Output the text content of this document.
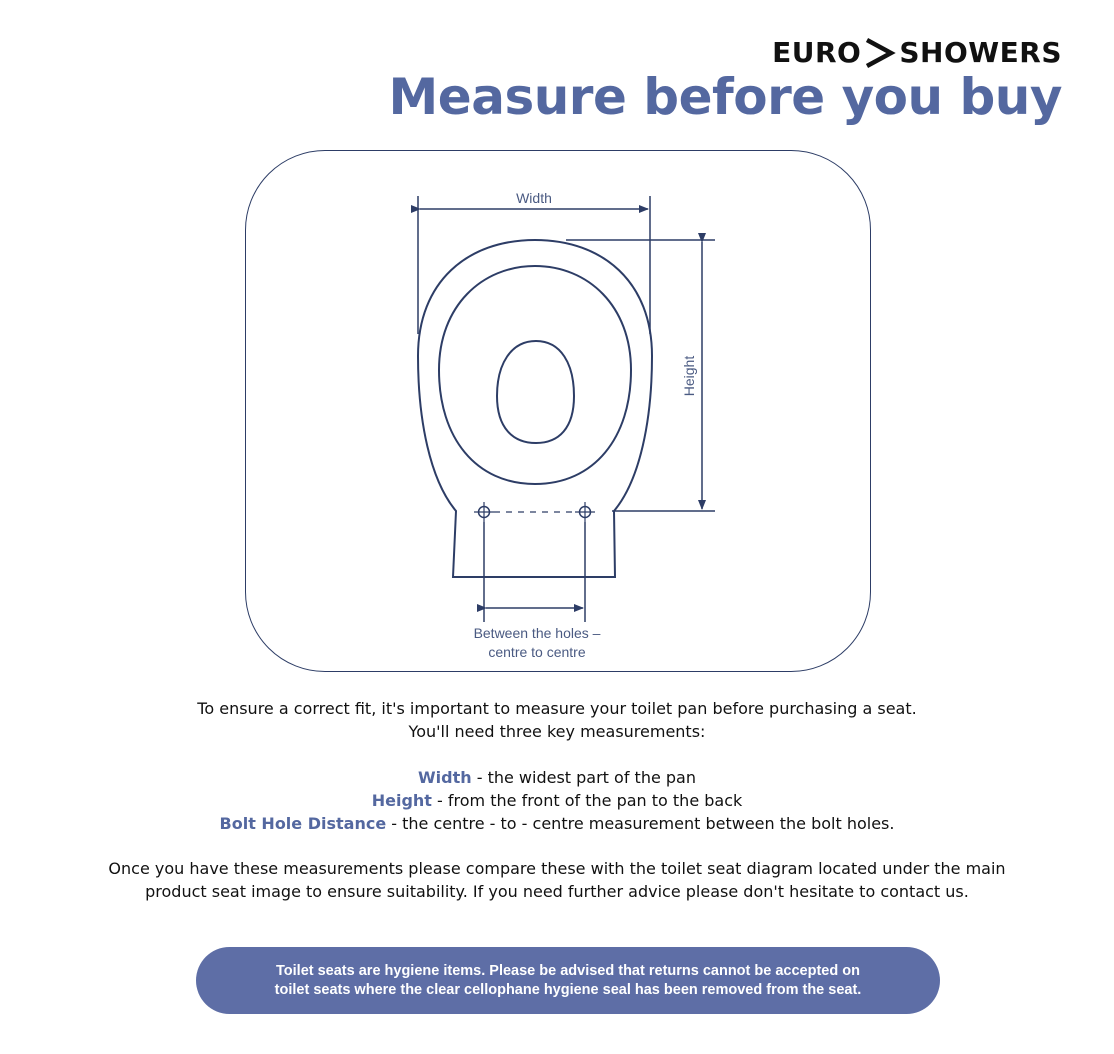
EURO SHOWERS
Measure before you buy
Width
Height
Between the holes –
centre to centre
To ensure a correct fit, it's important to measure your toilet pan before purchasing a seat.
You'll need three key measurements:
Width - the widest part of the pan
Height - from the front of the pan to the back
Bolt Hole Distance - the centre - to - centre measurement between the bolt holes.
Once you have these measurements please compare these with the toilet seat diagram located under the main
product seat image to ensure suitability. If you need further advice please don't hesitate to contact us.
Toilet seats are hygiene items. Please be advised that returns cannot be accepted on
toilet seats where the clear cellophane hygiene seal has been removed from the seat.
